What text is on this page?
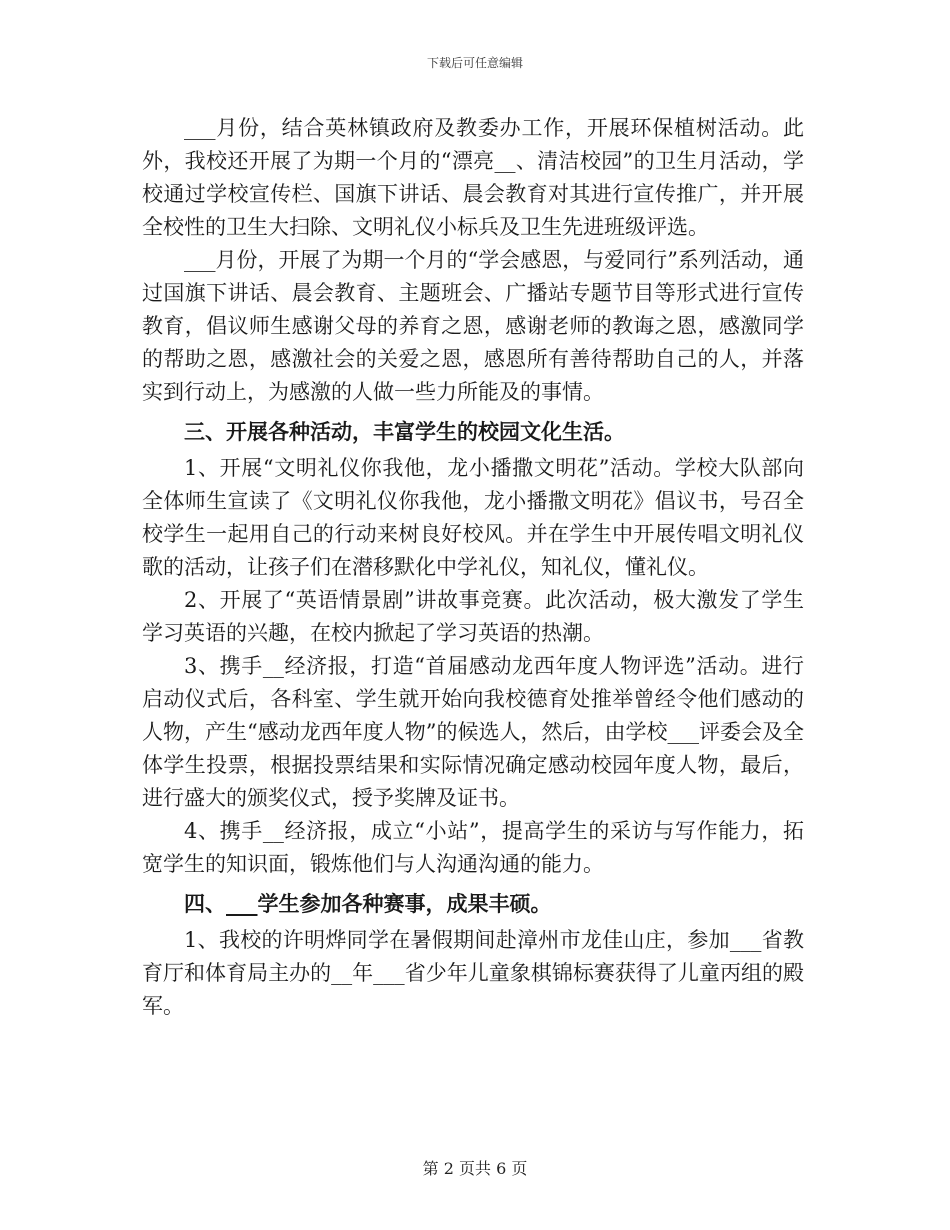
下载后可任意编辑

___月份，结合英林镇政府及教委办工作，开展环保植树活动。此外，我校还开展了为期一个月的“漂亮__、清洁校园”的卫生月活动，学校通过学校宣传栏、国旗下讲话、晨会教育对其进行宣传推广，并开展全校性的卫生大扫除、文明礼仪小标兵及卫生先进班级评选。

___月份，开展了为期一个月的“学会感恩，与爱同行”系列活动，通过国旗下讲话、晨会教育、主题班会、广播站专题节目等形式进行宣传教育，倡议师生感谢父母的养育之恩，感谢老师的教诲之恩，感激同学的帮助之恩，感激社会的关爱之恩，感恩所有善待帮助自己的人，并落实到行动上，为感激的人做一些力所能及的事情。

三、开展各种活动，丰富学生的校园文化生活。

1、开展“文明礼仪你我他，龙小播撒文明花”活动。学校大队部向全体师生宣读了《文明礼仪你我他，龙小播撒文明花》倡议书，号召全校学生一起用自己的行动来树良好校风。并在学生中开展传唱文明礼仪歌的活动，让孩子们在潜移默化中学礼仪，知礼仪，懂礼仪。

2、开展了“英语情景剧”讲故事竞赛。此次活动，极大激发了学生学习英语的兴趣，在校内掀起了学习英语的热潮。

3、携手__经济报，打造“首届感动龙西年度人物评选”活动。进行启动仪式后，各科室、学生就开始向我校德育处推举曾经令他们感动的人物，产生“感动龙西年度人物”的候选人，然后，由学校___评委会及全体学生投票，根据投票结果和实际情况确定感动校园年度人物，最后，进行盛大的颁奖仪式，授予奖牌及证书。

4、携手__经济报，成立“小站”，提高学生的采访与写作能力，拓宽学生的知识面，锻炼他们与人沟通沟通的能力。

四、___学生参加各种赛事，成果丰硕。

1、我校的许明烨同学在暑假期间赴漳州市龙佳山庄，参加___省教育厅和体育局主办的__年___省少年儿童象棋锦标赛获得了儿童丙组的殿军。

第 2 页共 6 页
